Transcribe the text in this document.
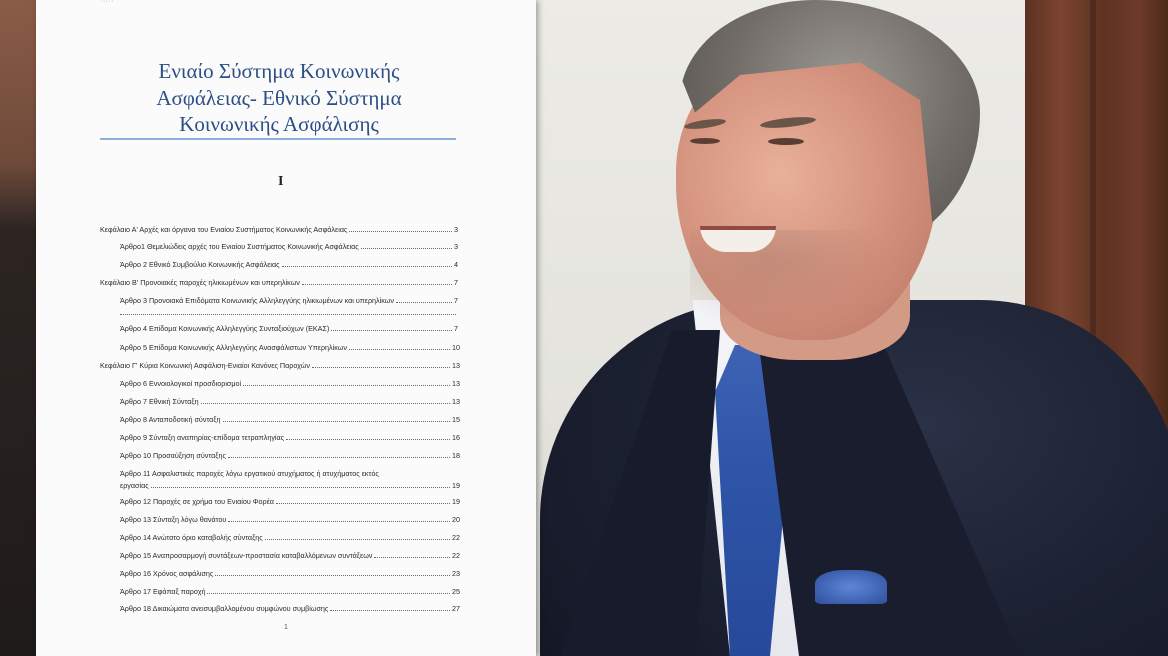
·····
Ενιαίο Σύστημα Κοινωνικής
Ασφάλειας- Εθνικό Σύστημα
Κοινωνικής Ασφάλισης
I
Κεφάλαιο Α' Αρχές και όργανα του Ενιαίου Συστήματος Κοινωνικής Ασφάλειας	3
Άρθρο1 Θεμελιώδεις αρχές του Ενιαίου Συστήματος Κοινωνικής Ασφάλειας	3
Άρθρο 2 Εθνικό Συμβούλιο Κοινωνικής Ασφάλειας	4
Κεφάλαιο Β' Προνοιακές παροχές ηλικιωμένων και υπερηλίκων	7
Άρθρο 3 Προνοιακά Επιδόματα Κοινωνικής Αλληλεγγύης ηλικιωμένων και υπερηλίκων	7
Άρθρο 4 Επίδομα Κοινωνικής Αλληλεγγύης Συνταξιούχων (ΕΚΑΣ)	7
Άρθρο 5 Επίδομα Κοινωνικής Αλληλεγγύης Ανασφάλιστων Υπερηλίκων	10
Κεφάλαιο Γ' Κύρια Κοινωνική Ασφάλιση-Ενιαίοι Κανόνες Παροχών	13
Άρθρο 6 Εννοιολογικοί προσδιορισμοί	13
Άρθρο 7 Εθνική Σύνταξη	13
Άρθρο 8 Ανταποδοτική σύνταξη	15
Άρθρο 9 Σύνταξη αναπηρίας-επίδομα τετραπληγίας	16
Άρθρο 10 Προσαύξηση σύνταξης	18
Άρθρο 11 Ασφαλιστικές παροχές λόγω εργατικού ατυχήματος ή ατυχήματος εκτός
εργασίας	19
Άρθρο 12 Παροχές σε χρήμα του Ενιαίου Φορέα	19
Άρθρο 13 Σύνταξη λόγω θανάτου	20
Άρθρο 14 Ανώτατο όριο καταβολής σύνταξης	22
Άρθρο 15 Αναπροσαρμογή συντάξεων-προστασία καταβαλλόμενων συντάξεων	22
Άρθρο 16 Χρόνος ασφάλισης	23
Άρθρο 17 Εφάπαξ παροχή	25
Άρθρο 18 Δικαιώματα ανεισυμβαλλομένου συμφώνου συμβίωσης	27
1
